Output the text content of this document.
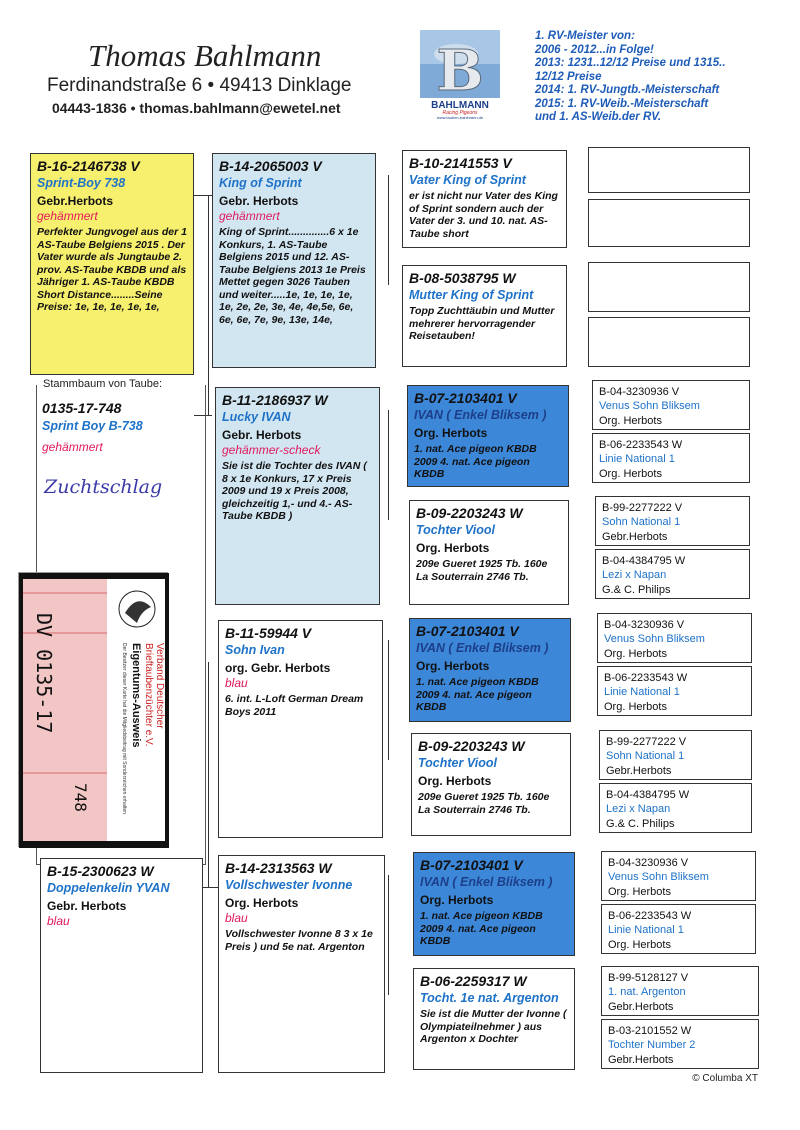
Thomas Bahlmann
Ferdinandstraße 6 • 49413 Dinklage
04443-1836 • thomas.bahlmann@ewetel.net
B
BAHLMANN
Racing Pigeons
www.tauben-bahlmann.de
1. RV-Meister von:
2006 - 2012...in Folge!
2013: 1231..12/12 Preise und 1315..
12/12 Preise
2014: 1. RV-Jungtb.-Meisterschaft
2015: 1. RV-Weib.-Meisterschaft
und 1. AS-Weib.der RV.
B-16-2146738 V
Sprint-Boy 738
Gebr.Herbots
gehämmert
Perfekter Jungvogel aus der 1 AS-Taube Belgiens 2015 . Der Vater wurde als Jungtaube 2. prov. AS-Taube KBDB und als Jähriger 1. AS-Taube KBDB Short Distance........Seine Preise: 1e, 1e, 1e, 1e, 1e,
Stammbaum von Taube:
0135-17-748
Sprint Boy B-738
gehämmert
Zuchtschlag
Verband Deutscher
Brieftaubenzüchter e.V.
Eigentums-Ausweis
Der Besitzer dieser Karte hat die Mitgliedsbeitrag mit Sonderzeichen erhalten.
DV 0135-17
748
B-15-2300623 W
Doppelenkelin YVAN
Gebr. Herbots
blau
B-14-2065003 V
King of Sprint
Gebr. Herbots
gehämmert
King of Sprint..............6 x 1e Konkurs, 1. AS-Taube Belgiens 2015 und 12. AS-Taube Belgiens 2013 1e Preis Mettet gegen 3026 Tauben und weiter.....1e, 1e, 1e, 1e, 1e, 2e, 2e, 3e, 4e, 4e,5e, 6e, 6e, 6e, 7e, 9e, 13e, 14e,
B-11-2186937 W
Lucky IVAN
Gebr. Herbots
gehämmer-scheck
Sie ist die Tochter des IVAN ( 8 x 1e Konkurs, 17 x Preis 2009 und 19 x Preis 2008, gleichzeitig 1,- und 4.- AS-Taube KBDB )
B-11-59944 V
Sohn Ivan
org. Gebr. Herbots
blau
6. int. L-Loft German Dream Boys 2011
B-14-2313563 W
Vollschwester Ivonne
Org. Herbots
blau
Vollschwester Ivonne 8 3 x 1e Preis ) und 5e nat. Argenton
B-10-2141553 V
Vater King of Sprint
er ist nicht nur Vater des King of Sprint sondern auch der Vater der 3. und 10. nat. AS-Taube short
B-08-5038795 W
Mutter King of Sprint
Topp Zuchttäubin und Mutter mehrerer hervorragender Reisetauben!
B-07-2103401 V
IVAN ( Enkel Bliksem )
Org. Herbots
1. nat. Ace pigeon KBDB 2009 4. nat. Ace pigeon KBDB
B-09-2203243 W
Tochter Viool
Org. Herbots
209e Gueret 1925 Tb. 160e La Souterrain 2746 Tb.
B-07-2103401 V
IVAN ( Enkel Bliksem )
Org. Herbots
1. nat. Ace pigeon KBDB 2009 4. nat. Ace pigeon KBDB
B-09-2203243 W
Tochter Viool
Org. Herbots
209e Gueret 1925 Tb. 160e La Souterrain 2746 Tb.
B-07-2103401 V
IVAN ( Enkel Bliksem )
Org. Herbots
1. nat. Ace pigeon KBDB 2009 4. nat. Ace pigeon KBDB
B-06-2259317 W
Tocht. 1e nat. Argenton
Sie ist die Mutter der Ivonne ( Olympiateilnehmer ) aus Argenton x Dochter
B-04-3230936 V
Venus Sohn Bliksem
Org. Herbots
B-06-2233543 W
Linie National 1
Org. Herbots
B-99-2277222 V
Sohn National 1
Gebr.Herbots
B-04-4384795 W
Lezi x Napan
G.& C. Philips
B-04-3230936 V
Venus Sohn Bliksem
Org. Herbots
B-06-2233543 W
Linie National 1
Org. Herbots
B-99-2277222 V
Sohn National 1
Gebr.Herbots
B-04-4384795 W
Lezi x Napan
G.& C. Philips
B-04-3230936 V
Venus Sohn Bliksem
Org. Herbots
B-06-2233543 W
Linie National 1
Org. Herbots
B-99-5128127 V
1. nat. Argenton
Gebr.Herbots
B-03-2101552 W
Tochter Number 2
Gebr.Herbots
© Columba XT
